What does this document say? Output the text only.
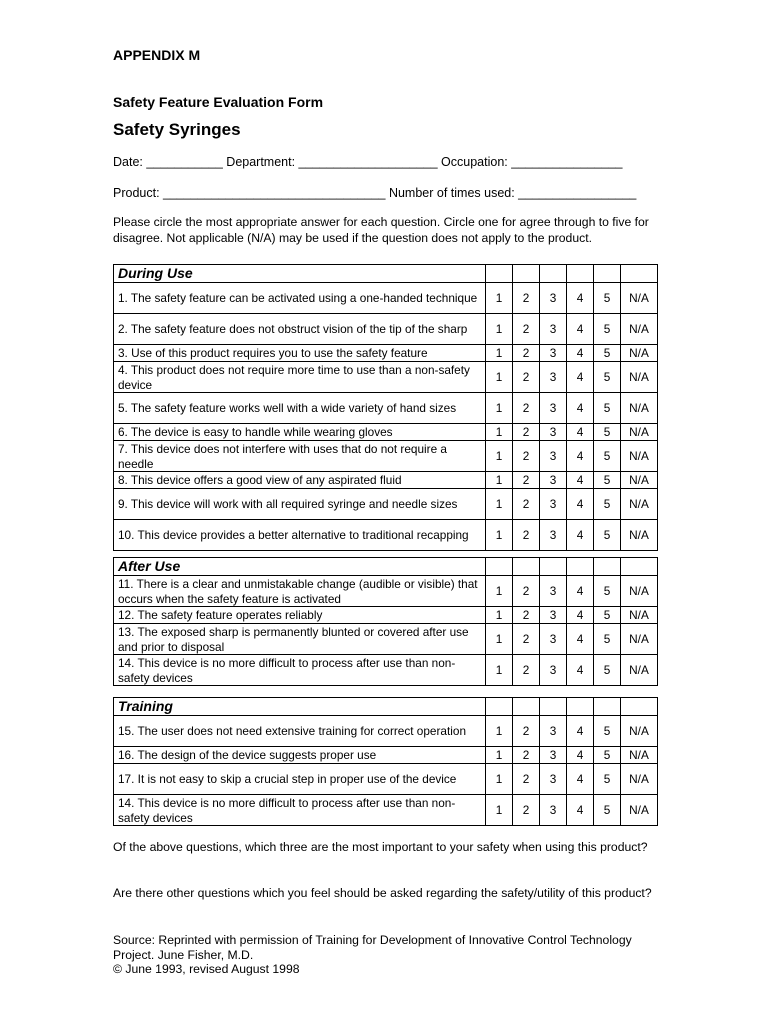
APPENDIX M
Safety Feature Evaluation Form
Safety Syringes
Date: ___________ Department: ____________________ Occupation: ________________
Product: ________________________________ Number of times used: _________________
Please circle the most appropriate answer for each question. Circle one for agree through to five for disagree. Not applicable (N/A) may be used if the question does not apply to the product.
During Use						
1. The safety feature can be activated using a one-handed technique	1	2	3	4	5	N/A
2. The safety feature does not obstruct vision of the tip of the sharp	1	2	3	4	5	N/A
3. Use of this product requires you to use the safety feature	1	2	3	4	5	N/A
4. This product does not require more time to use than a non-safety device	1	2	3	4	5	N/A
5. The safety feature works well with a wide variety of hand sizes	1	2	3	4	5	N/A
6. The device is easy to handle while wearing gloves	1	2	3	4	5	N/A
7. This device does not interfere with uses that do not require a needle	1	2	3	4	5	N/A
8. This device offers a good view of any aspirated fluid	1	2	3	4	5	N/A
9. This device will work with all required syringe and needle sizes	1	2	3	4	5	N/A
10. This device provides a better alternative to traditional recapping	1	2	3	4	5	N/A
After Use						
11. There is a clear and unmistakable change (audible or visible) that occurs when the safety feature is activated	1	2	3	4	5	N/A
12. The safety feature operates reliably	1	2	3	4	5	N/A
13. The exposed sharp is permanently blunted or covered after use and prior to disposal	1	2	3	4	5	N/A
14. This device is no more difficult to process after use than non-safety devices	1	2	3	4	5	N/A
Training						
15. The user does not need extensive training for correct operation	1	2	3	4	5	N/A
16. The design of the device suggests proper use	1	2	3	4	5	N/A
17. It is not easy to skip a crucial step in proper use of the device	1	2	3	4	5	N/A
14. This device is no more difficult to process after use than non-safety devices	1	2	3	4	5	N/A
Of the above questions, which three are the most important to your safety when using this product?
Are there other questions which you feel should be asked regarding the safety/utility of this product?
Source: Reprinted with permission of Training for Development of Innovative Control Technology Project. June Fisher, M.D.
© June 1993, revised August 1998
